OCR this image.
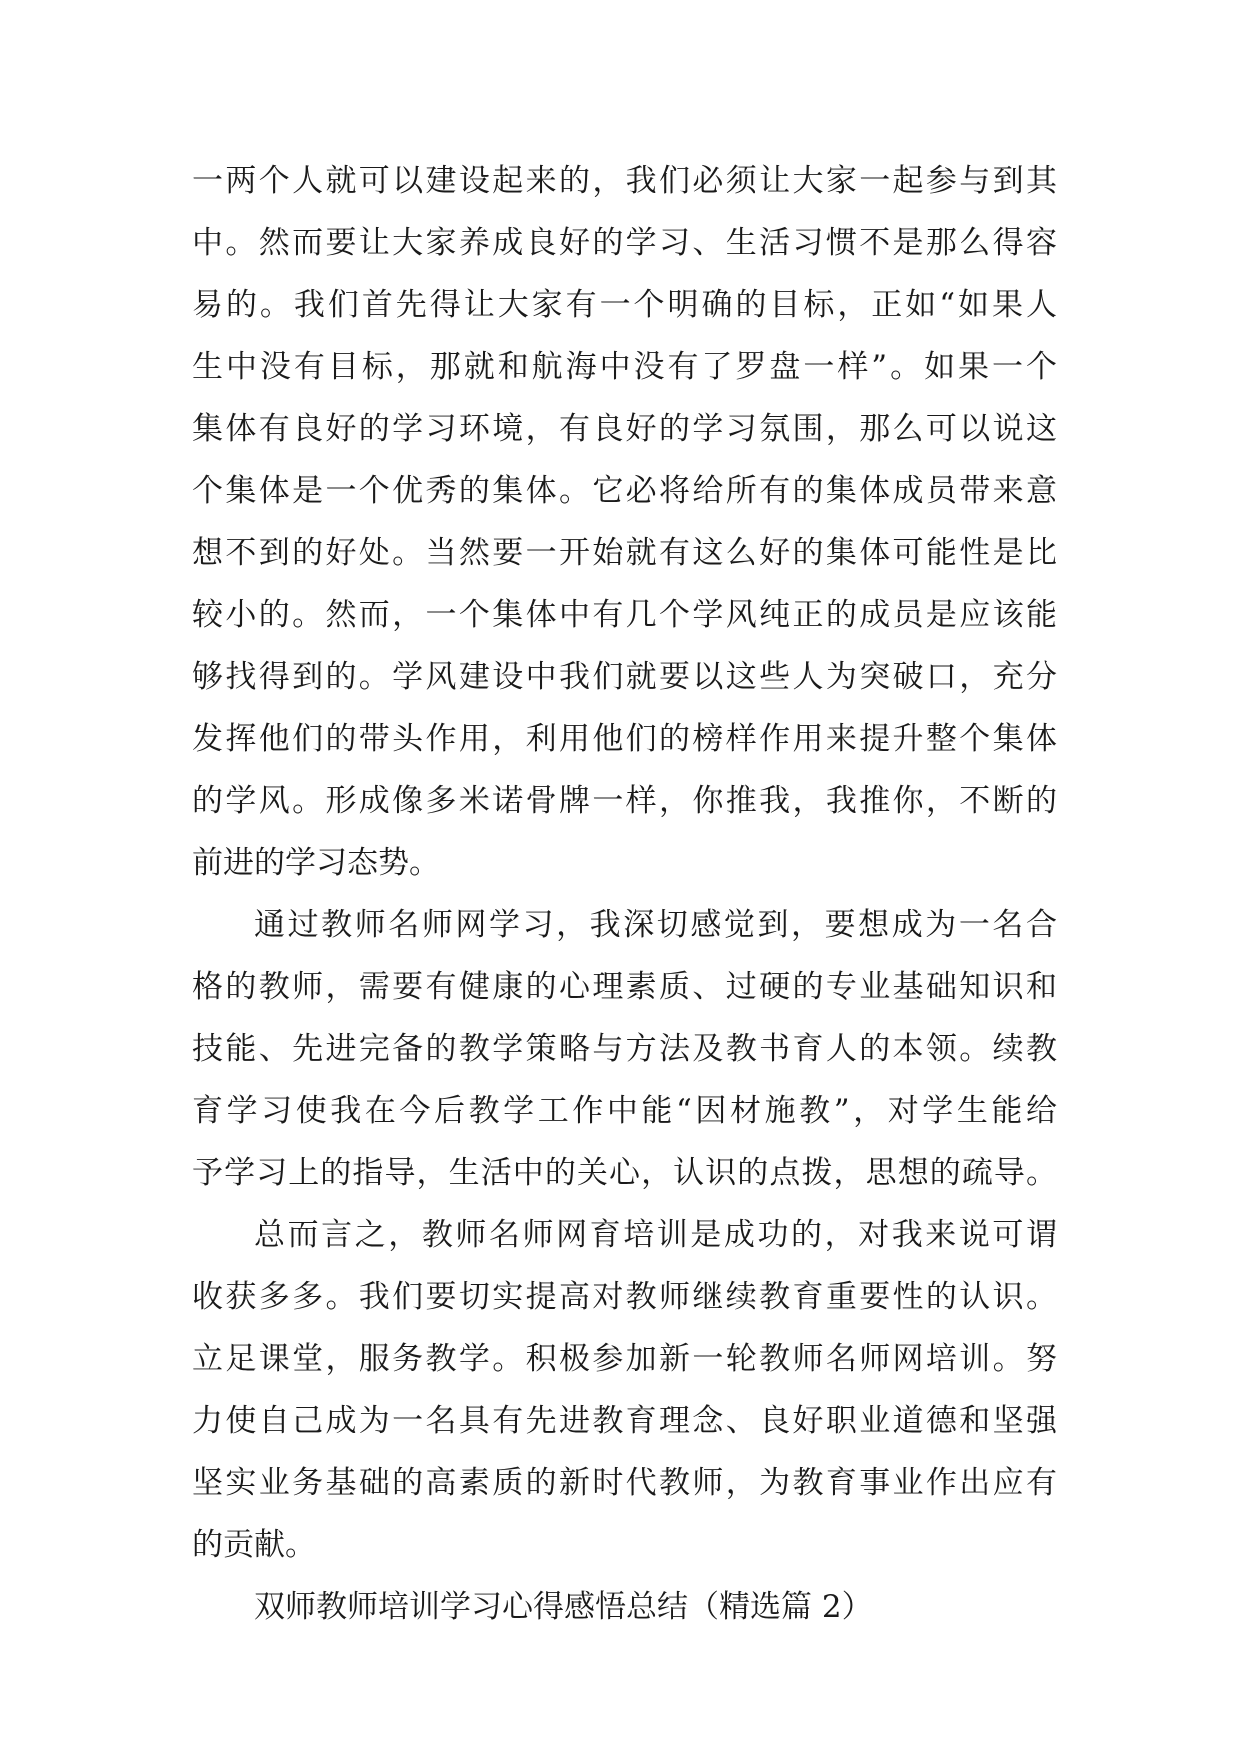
一两个人就可以建设起来的，我们必须让大家一起参与到其
中。然而要让大家养成良好的学习、生活习惯不是那么得容
易的。我们首先得让大家有一个明确的目标，正如“如果人
生中没有目标，那就和航海中没有了罗盘一样”。如果一个
集体有良好的学习环境，有良好的学习氛围，那么可以说这
个集体是一个优秀的集体。它必将给所有的集体成员带来意
想不到的好处。当然要一开始就有这么好的集体可能性是比
较小的。然而，一个集体中有几个学风纯正的成员是应该能
够找得到的。学风建设中我们就要以这些人为突破口，充分
发挥他们的带头作用，利用他们的榜样作用来提升整个集体
的学风。形成像多米诺骨牌一样，你推我，我推你，不断的
前进的学习态势。
通过教师名师网学习，我深切感觉到，要想成为一名合
格的教师，需要有健康的心理素质、过硬的专业基础知识和
技能、先进完备的教学策略与方法及教书育人的本领。续教
育学习使我在今后教学工作中能“因材施教”，对学生能给
予学习上的指导，生活中的关心，认识的点拨，思想的疏导。
总而言之，教师名师网育培训是成功的，对我来说可谓
收获多多。我们要切实提高对教师继续教育重要性的认识。
立足课堂，服务教学。积极参加新一轮教师名师网培训。努
力使自己成为一名具有先进教育理念、良好职业道德和坚强
坚实业务基础的高素质的新时代教师，为教育事业作出应有
的贡献。
双师教师培训学习心得感悟总结（精选篇 2）
